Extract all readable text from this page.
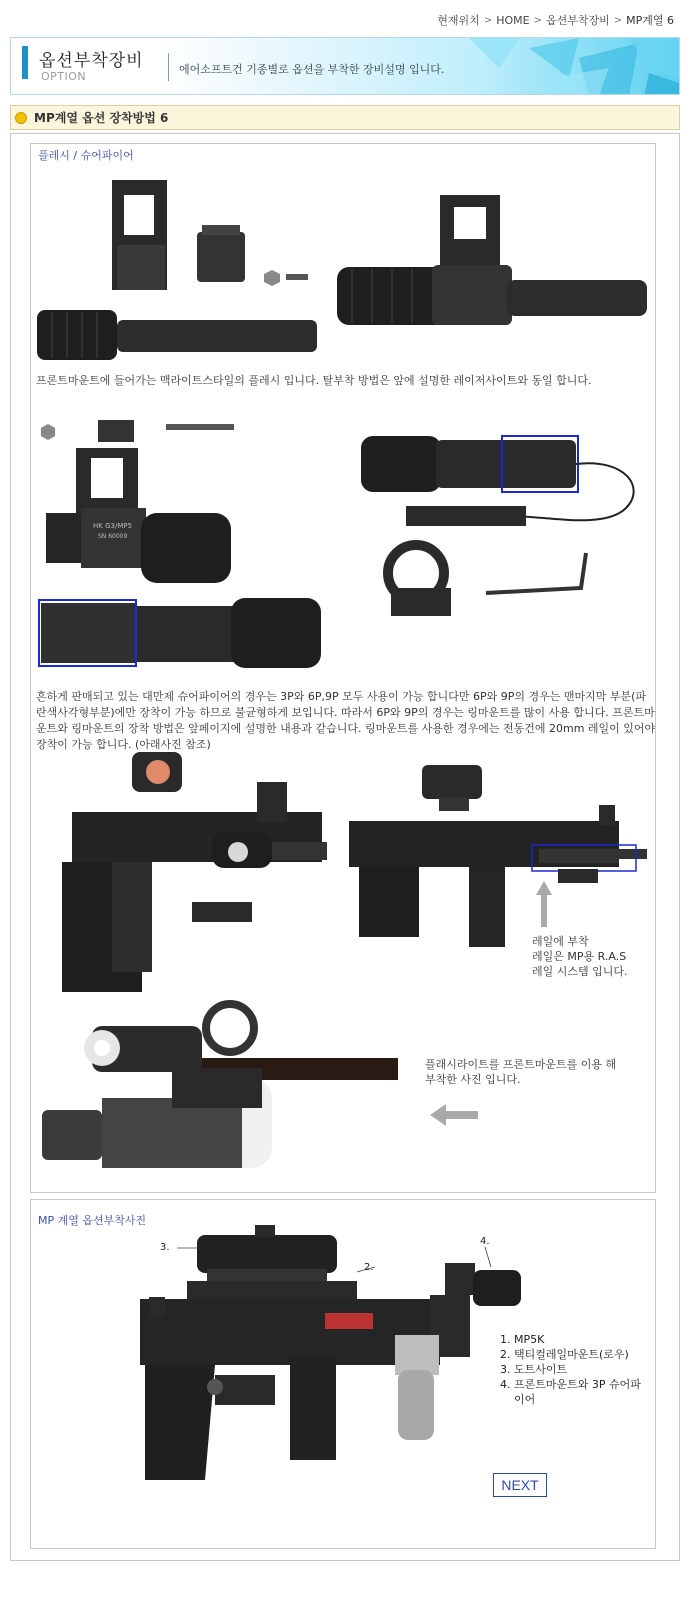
현재위치 > HOME > 옵션부착장비 > MP계열 6
옵션부착장비
OPTION
에어소프트건 기종별로 옵션을 부착한 장비설명 입니다.
MP계열 옵션 장착방법 6
플레시 / 슈어파이어
프론트마운트에 들어가는 맥라이트스타일의 플레시 입니다. 탈부착 방법은 앞에 설명한 레이저사이트와 동일 합니다.
HK G3/MP5
SN 60009
흔하게 판매되고 있는 대만제 슈어파이어의 경우는 3P와 6P,9P 모두 사용이 가능 합니다만 6P와 9P의 경우는 맨마지막 부분(파란색사각형부분)에만 장착이 가능 하므로 불균형하게 보입니다. 따라서 6P와 9P의 경우는 링마운트를 많이 사용 합니다. 프론트마운트와 링마운트의 장착 방법은 앞페이지에 설명한 내용과 같습니다. 링마운트를 사용한 경우에는 전동건에 20mm 레일이 있어야 장착이 가능 합니다. (아래사진 참조)
레일에 부착
레일은 MP용 R.A.S
레일 시스템 입니다.
플래시라이트를 프론트마운트를 이용 해
부착한 사진 입니다.
MP 계열 옵션부착사진
3.
2.
4.
1. MP5K
2. 택티컬레일마운트(로우)
3. 도트사이트
4. 프론트마운트와 3P 슈어파이어
NEXT
